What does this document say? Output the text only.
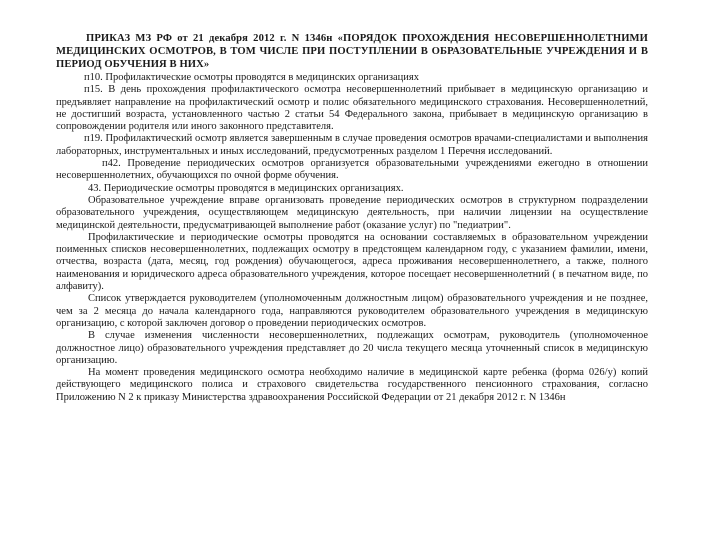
ПРИКАЗ МЗ РФ от 21 декабря 2012 г. N 1346н «ПОРЯДОК ПРОХОЖДЕНИЯ НЕСОВЕРШЕННОЛЕТНИМИ МЕДИЦИНСКИХ ОСМОТРОВ, В ТОМ ЧИСЛЕ ПРИ ПОСТУПЛЕНИИ В ОБРАЗОВАТЕЛЬНЫЕ УЧРЕЖДЕНИЯ И В ПЕРИОД ОБУЧЕНИЯ В НИХ»

п10. Профилактические осмотры проводятся в медицинских организациях

п15. В день прохождения профилактического осмотра несовершеннолетний прибывает в медицинскую организацию и предъявляет направление на профилактический осмотр и полис обязательного медицинского страхования. Несовершеннолетний, не достигший возраста, установленного частью 2 статьи 54 Федерального закона, прибывает в медицинскую организацию в сопровождении родителя или иного законного представителя.

п19. Профилактический осмотр является завершенным в случае проведения осмотров врачами-специалистами и выполнения лабораторных, инструментальных и иных исследований, предусмотренных разделом 1 Перечня исследований.

п42. Проведение периодических осмотров организуется образовательными учреждениями ежегодно в отношении несовершеннолетних, обучающихся по очной форме обучения.

43. Периодические осмотры проводятся в медицинских организациях.

Образовательное учреждение вправе организовать проведение периодических осмотров в структурном подразделении образовательного учреждения, осуществляющем медицинскую деятельность, при наличии лицензии на осуществление медицинской деятельности, предусматривающей выполнение работ (оказание услуг) по "педиатрии".

Профилактические и периодические осмотры проводятся на основании составляемых в образовательном учреждении поименных списков несовершеннолетних, подлежащих осмотру в предстоящем календарном году, с указанием фамилии, имени, отчества, возраста (дата, месяц, год рождения) обучающегося, адреса проживания несовершеннолетнего, а также, полного наименования и юридического адреса образовательного учреждения, которое посещает несовершеннолетний ( в печатном виде, по алфавиту).

Список утверждается руководителем (уполномоченным должностным лицом) образовательного учреждения и не позднее, чем за 2 месяца до начала календарного года, направляются руководителем образовательного учреждения в медицинскую организацию, с которой заключен договор о проведении периодических осмотров.

В случае изменения численности несовершеннолетних, подлежащих осмотрам, руководитель (уполномоченное должностное лицо) образовательного учреждения представляет до 20 числа текущего месяца уточненный список в медицинскую организацию.

На момент проведения медицинского осмотра необходимо наличие в медицинской карте ребенка (форма 026/у) копий действующего медицинского полиса и страхового свидетельства государственного пенсионного страхования, согласно Приложению N 2 к приказу Министерства здравоохранения Российской Федерации от 21 декабря 2012 г. N 1346н
